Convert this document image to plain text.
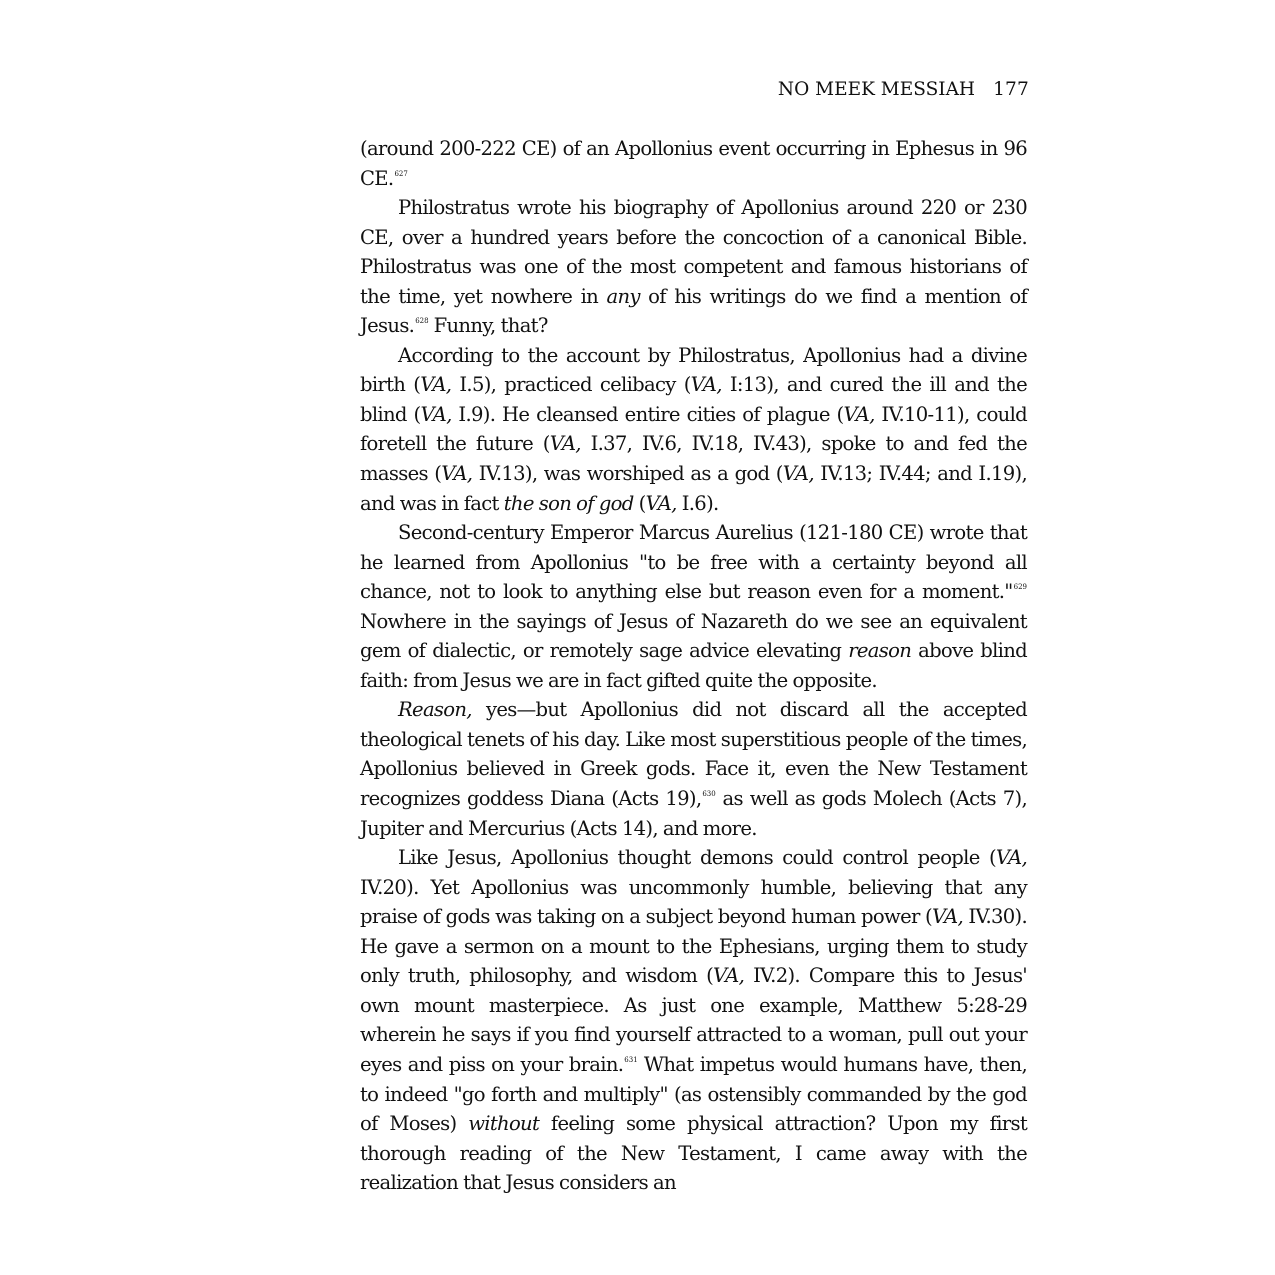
NO MEEK MESSIAH 177

(around 200-222 CE) of an Apollonius event occurring in Ephesus in 96 CE.$^{627}$

Philostratus wrote his biography of Apollonius around 220 or 230 CE, over a hundred years before the concoction of a canonical Bible. Philostratus was one of the most competent and famous historians of the time, yet nowhere in any of his writings do we find a mention of Jesus.$^{628}$ Funny, that?

According to the account by Philostratus, Apollonius had a divine birth (VA, I.5), practiced celibacy (VA, I:13), and cured the ill and the blind (VA, I.9). He cleansed entire cities of plague (VA, IV.10-11), could foretell the future (VA, I.37, IV.6, IV.18, IV.43), spoke to and fed the masses (VA, IV.13), was worshiped as a god (VA, IV.13; IV.44; and I.19), and was in fact the son of god (VA, I.6).

Second-century Emperor Marcus Aurelius (121-180 CE) wrote that he learned from Apollonius "to be free with a certainty beyond all chance, not to look to anything else but reason even for a moment."$^{629}$ Nowhere in the sayings of Jesus of Nazareth do we see an equivalent gem of dialectic, or remotely sage advice elevating reason above blind faith: from Jesus we are in fact gifted quite the opposite.

Reason, yes—but Apollonius did not discard all the accepted theological tenets of his day. Like most superstitious people of the times, Apollonius believed in Greek gods. Face it, even the New Testament recognizes goddess Diana (Acts 19),$^{630}$ as well as gods Molech (Acts 7), Jupiter and Mercurius (Acts 14), and more.

Like Jesus, Apollonius thought demons could control people (VA, IV.20). Yet Apollonius was uncommonly humble, believing that any praise of gods was taking on a subject beyond human power (VA, IV.30). He gave a sermon on a mount to the Ephesians, urging them to study only truth, philosophy, and wisdom (VA, IV.2). Compare this to Jesus' own mount masterpiece. As just one example, Matthew 5:28-29 wherein he says if you find yourself attracted to a woman, pull out your eyes and piss on your brain.$^{631}$ What impetus would humans have, then, to indeed "go forth and multiply" (as ostensibly commanded by the god of Moses) without feeling some physical attraction? Upon my first thorough reading of the New Testament, I came away with the realization that Jesus considers an
